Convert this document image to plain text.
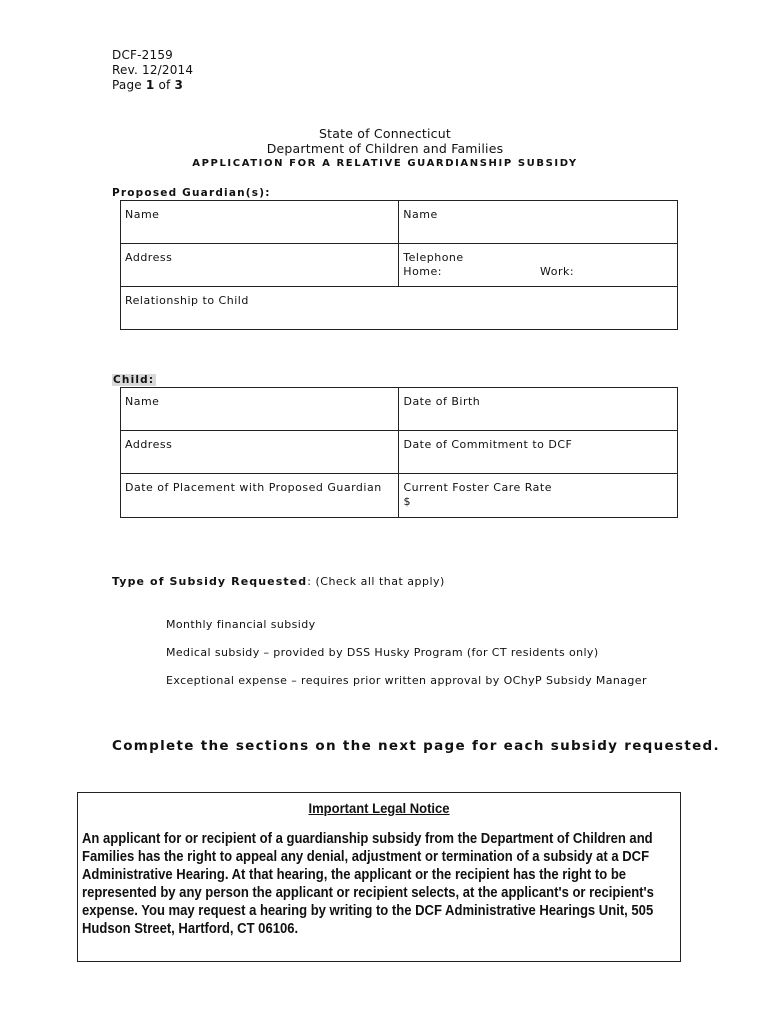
DCF-2159
Rev. 12/2014
Page 1 of 3
State of Connecticut
Department of Children and Families
APPLICATION FOR A RELATIVE GUARDIANSHIP SUBSIDY
Proposed Guardian(s):
Name	Name
Address	Telephone
Home: Work:

Relationship to Child	
Child:
Name	Date of Birth
Address	Date of Commitment to DCF
Date of Placement with Proposed Guardian	Current Foster Care Rate
$
Type of Subsidy Requested: (Check all that apply)
Monthly financial subsidy
Medical subsidy – provided by DSS Husky Program (for CT residents only)
Exceptional expense – requires prior written approval by OChyP Subsidy Manager
Complete the sections on the next page for each subsidy requested.
Important Legal Notice
An applicant for or recipient of a guardianship subsidy from the Department of Children and
Families has the right to appeal any denial, adjustment or termination of a subsidy at a DCF
Administrative Hearing. At that hearing, the applicant or the recipient has the right to be
represented by any person the applicant or recipient selects, at the applicant's or recipient's
expense. You may request a hearing by writing to the DCF Administrative Hearings Unit, 505
Hudson Street, Hartford, CT 06106.
